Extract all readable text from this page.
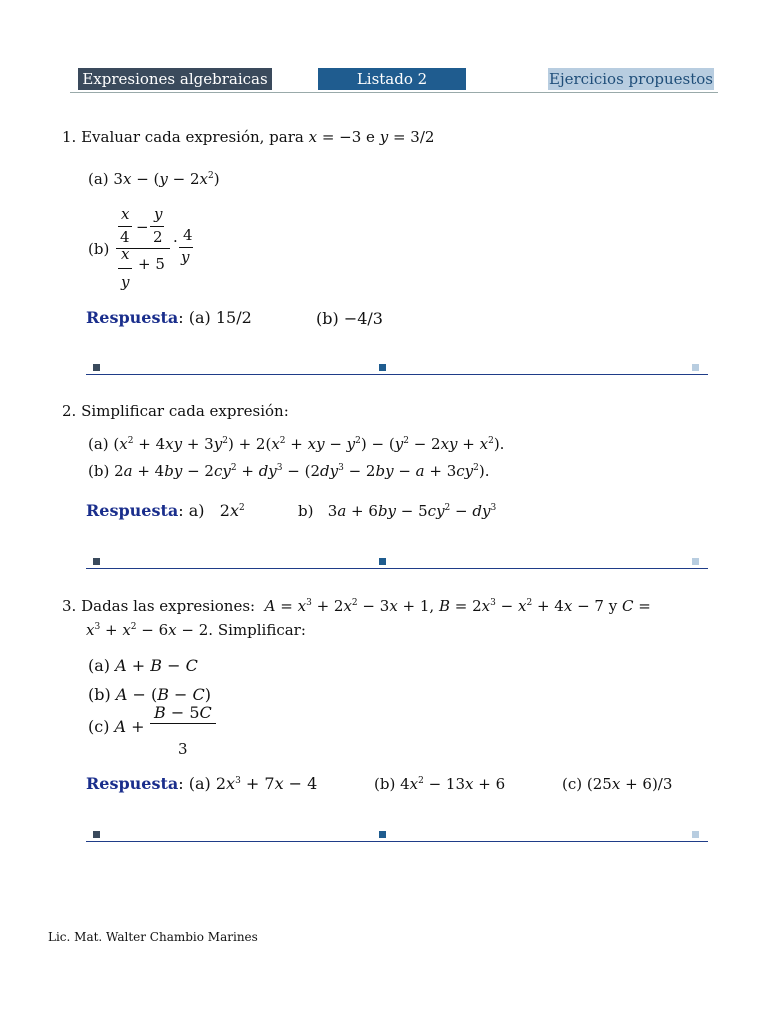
Expresiones algebraicas	Listado 2	Ejercicios propuestos
1. Evaluar cada expresión, para x = −3 e y = 3/2
(a) $3x - (y - 2x^2)$
(b)
x
4
−
y
2
x
+ 5
y
· 4
y
Respuesta: (a) 15/2	(b) −4/3
2. Simplificar cada expresión:
(a) $(x^2 + 4xy + 3y^2) + 2(x^2$ + xy − $y^2) - (y^2 - 2xy + x^2)$.
(b) $2a + 4by - 2cy^2 + dy^3 - (2dy^3 - 2by - a + 3cy^2)$.
Respuesta: a)   $2x^2$	b)   $3a + 6by - 5cy^2 - dy^3$
3. Dadas las expresiones: $A = x^3 + 2x^2 - 3x + 1$, $B = 2x^3 - x^2 + 4x - 7$ y C =
$x^3 + x^2 - 6x - 2$. Simplificar:
(a) A + B − C
(b) A − (B − C)
(c) A +
B − 5C
3
Respuesta: (a) $2x^3 + 7x - 4$	(b) $4x^2 - 13x + 6$	(c) (25x + 6)/3
Lic. Mat. Walter Chambio Marines
